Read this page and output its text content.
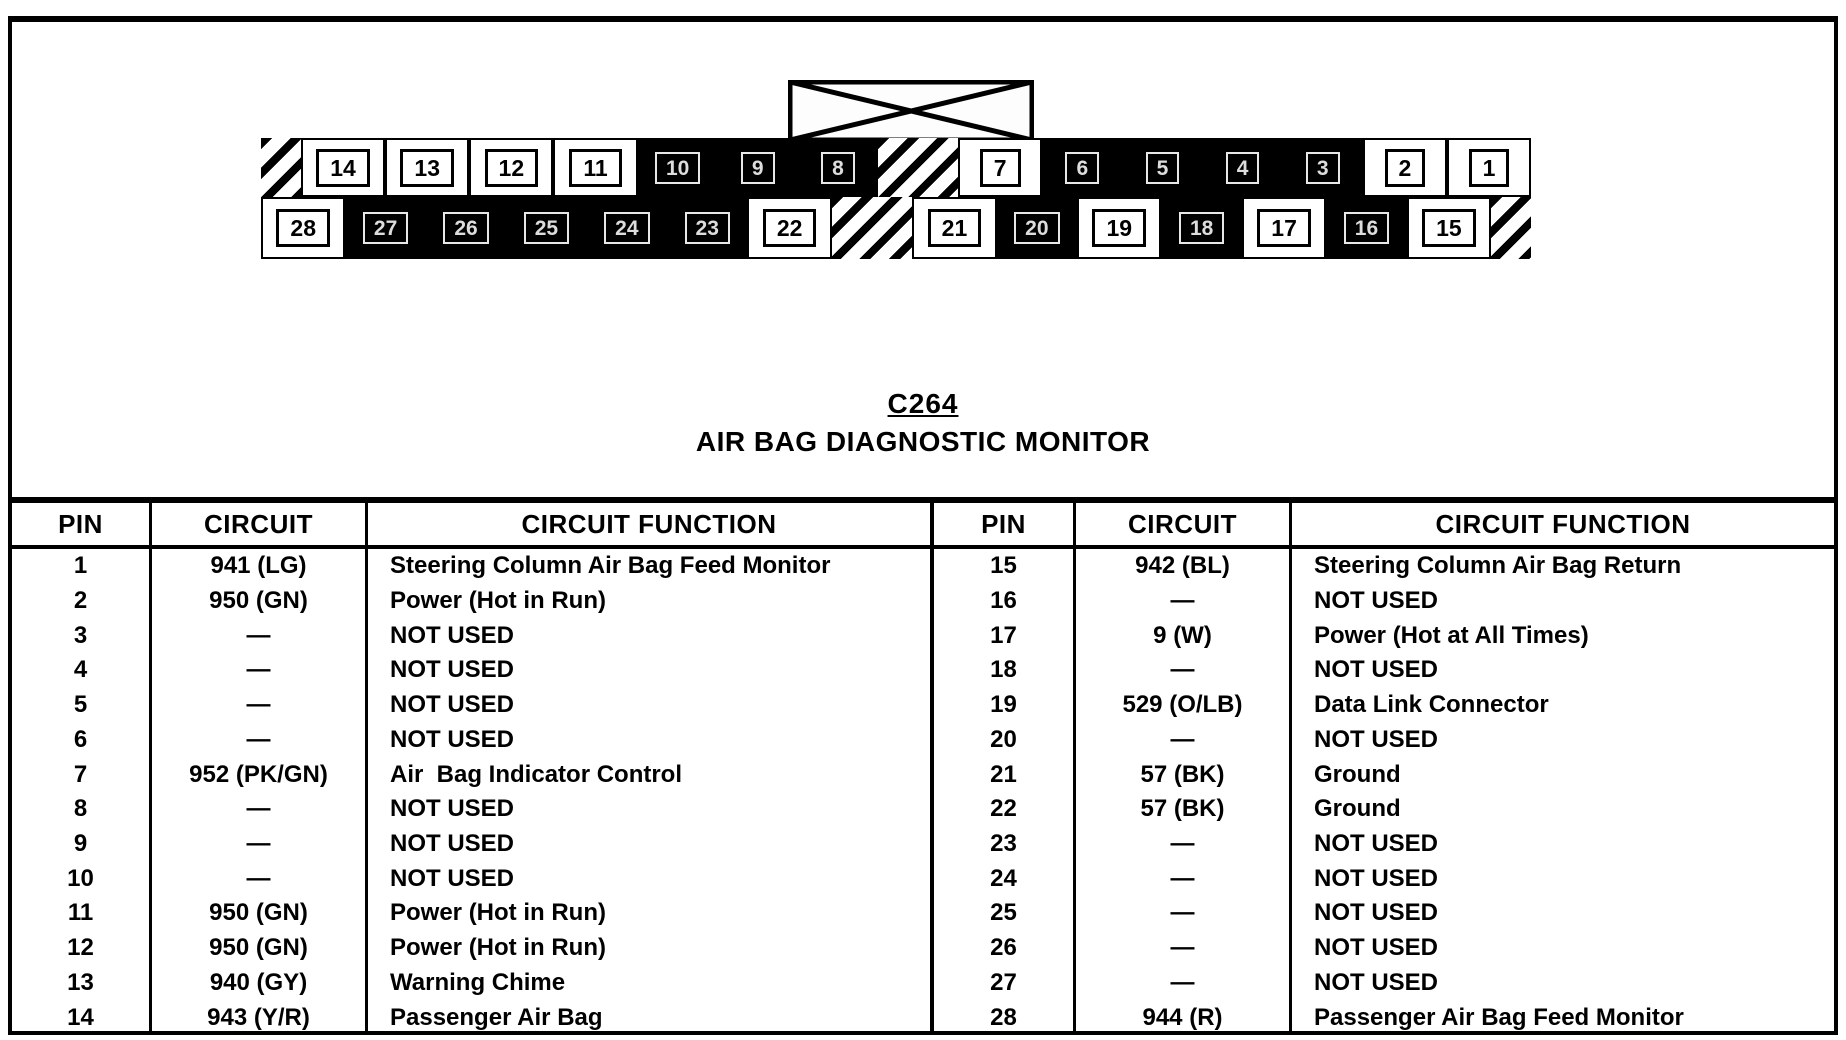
14	13	12	11	10	9	8	7	6	5	4	3	2	1
28	27	26	25	24	23	22	21	20	19	18	17	16	15
C264
AIR BAG DIAGNOSTIC MONITOR
PIN	CIRCUIT	CIRCUIT FUNCTION
1	941 (LG)	Steering Column Air Bag Feed Monitor
2	950 (GN)	Power (Hot in Run)
3	—	NOT USED
4	—	NOT USED
5	—	NOT USED
6	—	NOT USED
7	952 (PK/GN)	Air  Bag Indicator Control
8	—	NOT USED
9	—	NOT USED
10	—	NOT USED
11	950 (GN)	Power (Hot in Run)
12	950 (GN)	Power (Hot in Run)
13	940 (GY)	Warning Chime
14	943 (Y/R)	Passenger Air Bag
PIN	CIRCUIT	CIRCUIT FUNCTION
15	942 (BL)	Steering Column Air Bag Return
16	—	NOT USED
17	9 (W)	Power (Hot at All Times)
18	—	NOT USED
19	529 (O/LB)	Data Link Connector
20	—	NOT USED
21	57 (BK)	Ground
22	57 (BK)	Ground
23	—	NOT USED
24	—	NOT USED
25	—	NOT USED
26	—	NOT USED
27	—	NOT USED
28	944 (R)	Passenger Air Bag Feed Monitor
